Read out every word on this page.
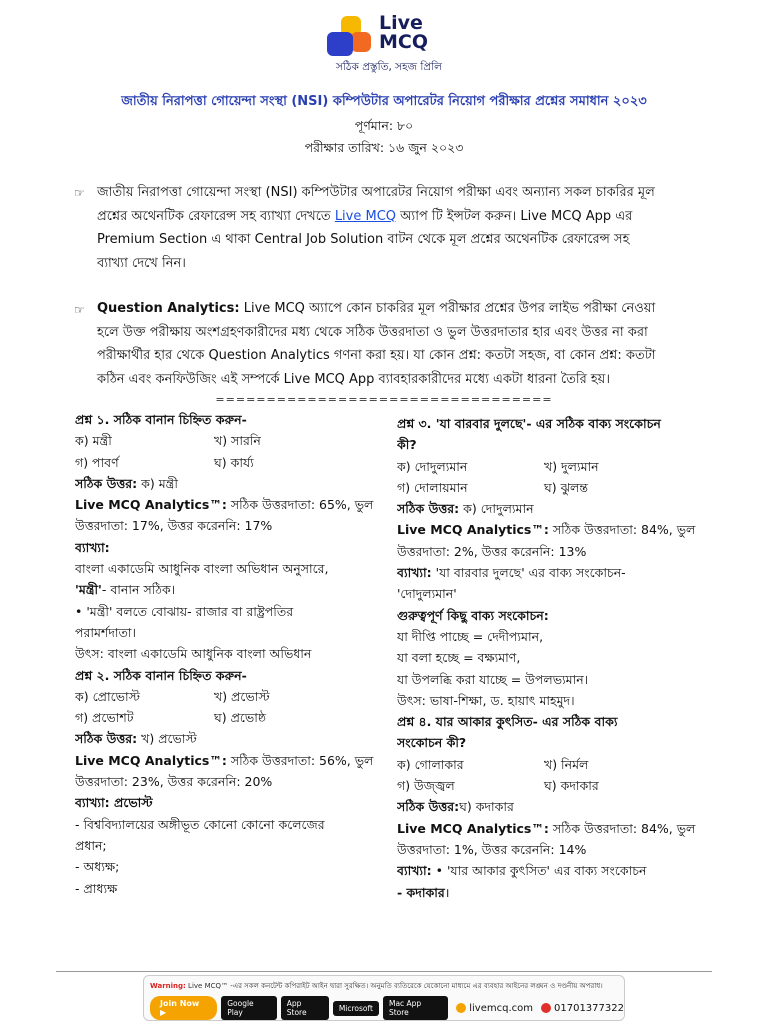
Live
MCQ
সঠিক প্রস্তুতি, সহজ প্রিলি
জাতীয় নিরাপত্তা গোয়েন্দা সংস্থা (NSI) কম্পিউটার অপারেটর নিয়োগ পরীক্ষার প্রশ্নের সমাধান ২০২৩
পূর্ণমান: ৮০
পরীক্ষার তারিখ: ১৬ জুন ২০২৩
☞ জাতীয় নিরাপত্তা গোয়েন্দা সংস্থা (NSI) কম্পিউটার অপারেটর নিয়োগ পরীক্ষা এবং অন্যান্য সকল চাকরির মূল
প্রশ্নের অথেনটিক রেফারেন্স সহ ব্যাখ্যা দেখতে Live MCQ অ্যাপ টি ইন্সটল করুন। Live MCQ App এর
Premium Section এ থাকা Central Job Solution বাটন থেকে মূল প্রশ্নের অথেনটিক রেফারেন্স সহ
ব্যাখ্যা দেখে নিন।
☞ Question Analytics: Live MCQ অ্যাপে কোন চাকরির মূল পরীক্ষার প্রশ্নের উপর লাইভ পরীক্ষা নেওয়া
হলে উক্ত পরীক্ষায় অংশগ্রহণকারীদের মধ্য থেকে সঠিক উত্তরদাতা ও ভুল উত্তরদাতার হার এবং উত্তর না করা
পরীক্ষার্থীর হার থেকে Question Analytics গণনা করা হয়। যা কোন প্রশ্ন: কতটা সহজ, বা কোন প্রশ্ন: কতটা
কঠিন এবং কনফিউজিং এই সম্পর্কে Live MCQ App ব্যাবহারকারীদের মধ্যে একটা ধারনা তৈরি হয়।
=================================
প্রশ্ন ১. সঠিক বানান চিহ্নিত করুন-
ক) মন্ত্রী	খ) সারনি
গ) পাবর্ণ	ঘ) কার্য্য
সঠিক উত্তর: ক) মন্ত্রী
Live MCQ Analytics™: সঠিক উত্তরদাতা: 65%, ভুল
উত্তরদাতা: 17%, উত্তর করেননি: 17%
ব্যাখ্যা:
বাংলা একাডেমি আধুনিক বাংলা অভিধান অনুসারে,
'মন্ত্রী'- বানান সঠিক।
• 'মন্ত্রী' বলতে বোঝায়- রাজার বা রাষ্ট্রপতির
পরামর্শদাতা।
উৎস: বাংলা একাডেমি আধুনিক বাংলা অভিধান
প্রশ্ন ২. সঠিক বানান চিহ্নিত করুন-
ক) প্রোভোস্ট	খ) প্রভোস্ট
গ) প্রভোশট	ঘ) প্রভোষ্ঠ
সঠিক উত্তর: খ) প্রভোস্ট
Live MCQ Analytics™: সঠিক উত্তরদাতা: 56%, ভুল
উত্তরদাতা: 23%, উত্তর করেননি: 20%
ব্যাখ্যা: প্রভোস্ট
- বিশ্ববিদ্যালয়ের অঙ্গীভূত কোনো কোনো কলেজের
প্রধান;
- অধ্যক্ষ;
- প্রাধ্যক্ষ
প্রশ্ন ৩. 'যা বারবার দুলছে'- এর সঠিক বাক্য সংকোচন
কী?
ক) দোদুল্যমান	খ) দুল্যমান
গ) দোলায়মান	ঘ) ঝুলন্ত
সঠিক উত্তর: ক) দোদুল্যমান
Live MCQ Analytics™: সঠিক উত্তরদাতা: 84%, ভুল
উত্তরদাতা: 2%, উত্তর করেননি: 13%
ব্যাখ্যা: 'যা বারবার দুলছে' এর বাক্য সংকোচন-
'দোদুল্যমান'
গুরুত্বপূর্ণ কিছু বাক্য সংকোচন:
যা দীপ্তি পাচ্ছে = দেদীপ্যমান,
যা বলা হচ্ছে = বক্ষ্যমাণ,
যা উপলব্ধি করা যাচ্ছে = উপলভ্যমান।
উৎস: ভাষা-শিক্ষা, ড. হায়াৎ মাহমুদ।
প্রশ্ন ৪. যার আকার কুৎসিত- এর সঠিক বাক্য
সংকোচন কী?
ক) গোলাকার	খ) নির্মল
গ) উজ্জ্বল	ঘ) কদাকার
সঠিক উত্তর:ঘ) কদাকার
Live MCQ Analytics™: সঠিক উত্তরদাতা: 84%, ভুল
উত্তরদাতা: 1%, উত্তর করেননি: 14%
ব্যাখ্যা: • 'যার আকার কুৎসিত' এর বাক্য সংকোচন
- কদাকার।
Warning: Live MCQ™ -এর সকল কনটেন্ট কপিরাইট আইন দ্বারা সুরক্ষিত। অনুমতি ব্যতিরেকে যেকোনো মাধ্যমে এর ব্যবহার আইনের লঙ্ঘন ও দণ্ডনীয় অপরাধ।
Join Now ▶
Google Play
App Store	Microsoft	Mac App Store	livemcq.com 01701377322
